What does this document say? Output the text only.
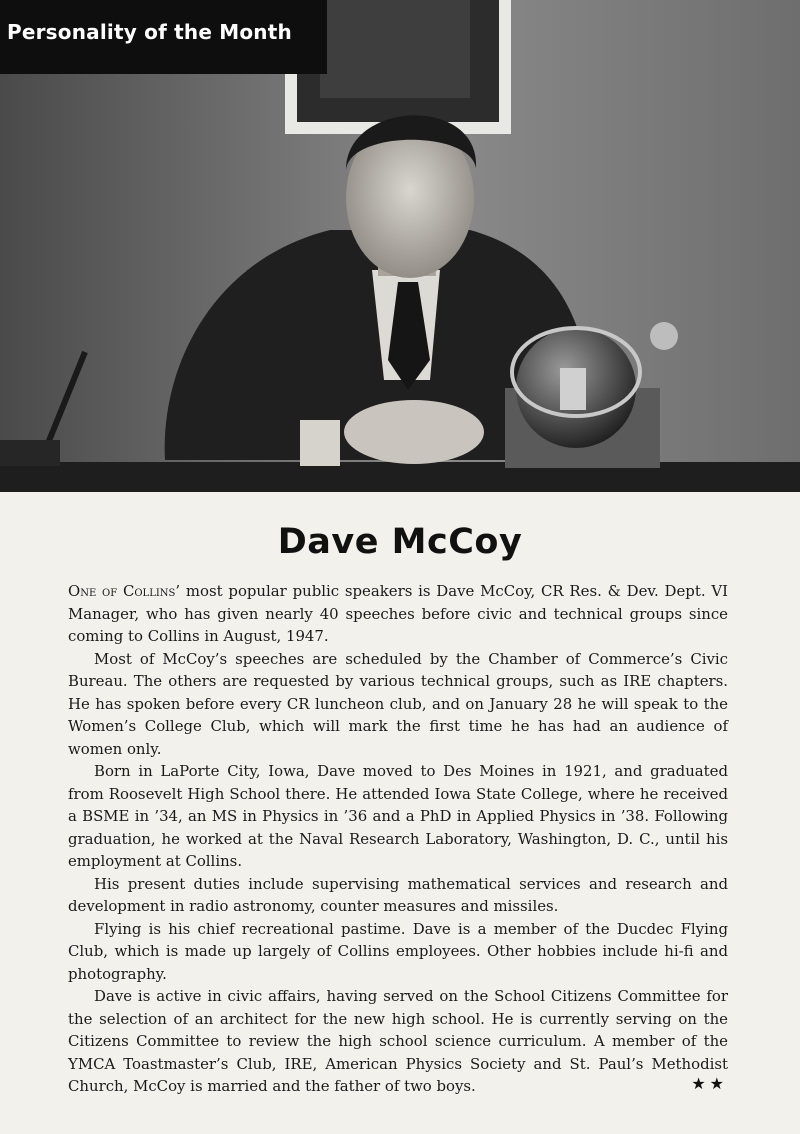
Personality of the Month
Dave McCoy

One of Collins’ most popular public speakers is Dave McCoy, CR Res. & Dev. Dept. VI Manager, who has given nearly 40 speeches before civic and technical groups since coming to Collins in August, 1947.

Most of McCoy’s speeches are scheduled by the Chamber of Commerce’s Civic Bureau. The others are requested by various technical groups, such as IRE chapters. He has spoken before every CR luncheon club, and on January 28 he will speak to the Women’s College Club, which will mark the first time he has had an audience of women only.

Born in LaPorte City, Iowa, Dave moved to Des Moines in 1921, and graduated from Roosevelt High School there. He attended Iowa State College, where he received a BSME in ’34, an MS in Physics in ’36 and a PhD in Applied Physics in ’38. Following graduation, he worked at the Naval Research Laboratory, Washington, D. C., until his employment at Collins.

His present duties include supervising mathematical services and research and development in radio astronomy, counter measures and missiles.

Flying is his chief recreational pastime. Dave is a member of the Ducdec Flying Club, which is made up largely of Collins employees. Other hobbies include hi-fi and photography.

Dave is active in civic affairs, having served on the School Citizens Committee for the selection of an architect for the new high school. He is currently serving on the Citizens Committee to review the high school science curriculum. A member of the YMCA Toastmaster’s Club, IRE, American Physics Society and St. Paul’s Methodist Church, McCoy is married and the father of two boys.	★★
